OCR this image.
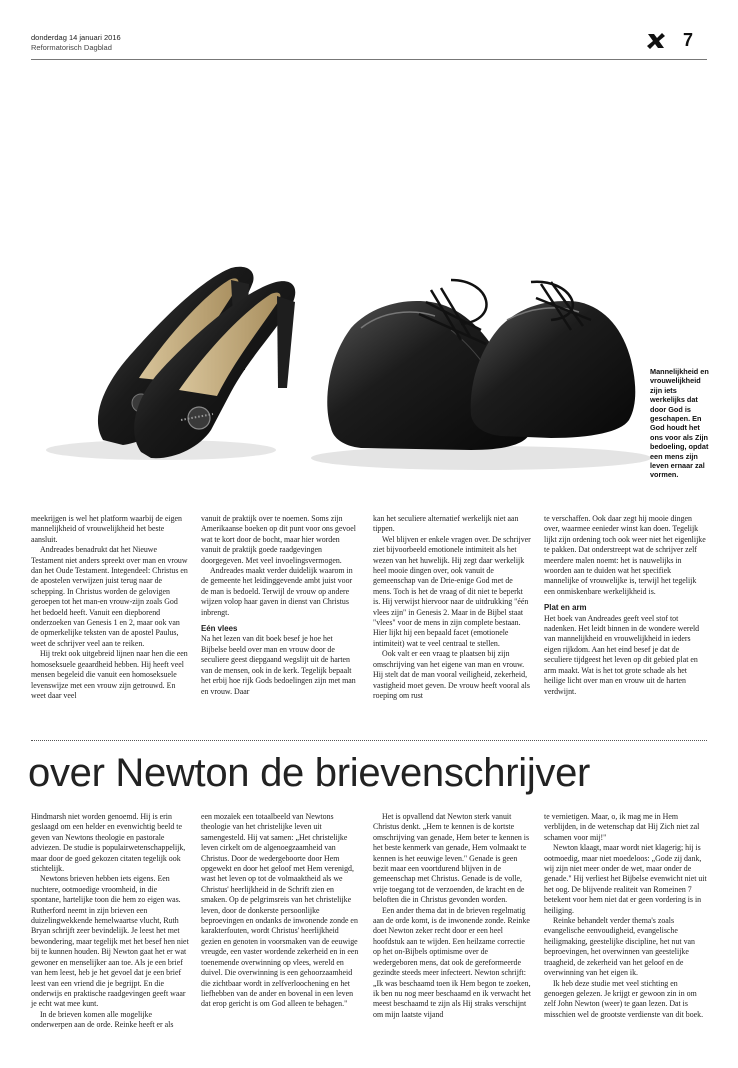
donderdag 14 januari 2016
Reformatorisch Dagblad	7
Mannelijkheid en vrouwelijkheid zijn iets werkelijks dat door God is geschapen. En God houdt het ons voor als Zijn bedoeling, opdat een mens zijn leven ernaar zal vormen.

meekrijgen is wel het platform waarbij de eigen mannelijkheid of vrouwelijkheid het beste aansluit.

Andreades benadrukt dat het Nieuwe Testament niet anders spreekt over man en vrouw dan het Oude Testament. Integendeel: Christus en de apostelen verwijzen juist terug naar de schepping. In Christus worden de gelovigen geroepen tot het man-en vrouw-zijn zoals God het bedoeld heeft. Vanuit een diepborend onderzoeken van Genesis 1 en 2, maar ook van de opmerkelijke teksten van de apostel Paulus, weet de schrijver veel aan te reiken.

Hij trekt ook uitgebreid lijnen naar hen die een homoseksuele geaardheid hebben. Hij heeft veel mensen begeleid die vanuit een homoseksuele levenswijze met een vrouw zijn getrouwd. En weet daar veel

vanuit de praktijk over te noemen. Soms zijn Amerikaanse boeken op dit punt voor ons gevoel wat te kort door de bocht, maar hier worden vanuit de praktijk goede raadgevingen doorgegeven. Met veel invoelingsvermogen.

Andreades maakt verder duidelijk waarom in de gemeente het leidinggevende ambt juist voor de man is bedoeld. Terwijl de vrouw op andere wijzen volop haar gaven in dienst van Christus inbrengt.

Eén vlees

Na het lezen van dit boek besef je hoe het Bijbelse beeld over man en vrouw door de seculiere geest diepgaand wegslijt uit de harten van de mensen, ook in de kerk. Tegelijk bepaalt het erbij hoe rijk Gods bedoelingen zijn met man en vrouw. Daar

kan het seculiere alternatief werkelijk niet aan tippen.

Wel blijven er enkele vragen over. De schrijver ziet bijvoorbeeld emotionele intimiteit als het wezen van het huwelijk. Hij zegt daar werkelijk heel mooie dingen over, ook vanuit de gemeenschap van de Drie-enige God met de mens. Toch is het de vraag of dit niet te beperkt is. Hij verwijst hiervoor naar de uitdrukking "één vlees zijn" in Genesis 2. Maar in de Bijbel staat "vlees" voor de mens in zijn complete bestaan. Hier lijkt hij een bepaald facet (emotionele intimiteit) wat te veel centraal te stellen.

Ook valt er een vraag te plaatsen bij zijn omschrijving van het eigene van man en vrouw. Hij stelt dat de man vooral veiligheid, zekerheid, vastigheid moet geven. De vrouw heeft vooral als roeping om rust

te verschaffen. Ook daar zegt hij mooie dingen over, waarmee eenieder winst kan doen. Tegelijk lijkt zijn ordening toch ook weer niet het eigenlijke te pakken. Dat onderstreept wat de schrijver zelf meerdere malen noemt: het is nauwelijks in woorden aan te duiden wat het specifiek mannelijke of vrouwelijke is, terwijl het tegelijk een onmiskenbare werkelijkheid is.

Plat en arm

Het boek van Andreades geeft veel stof tot nadenken. Het leidt binnen in de wondere wereld van mannelijkheid en vrouwelijkheid in ieders eigen rijkdom. Aan het eind besef je dat de seculiere tijdgeest het leven op dit gebied plat en arm maakt. Wat is het tot grote schade als het heilige licht over man en vrouw uit de harten verdwijnt.

over Newton de brievenschrijver

Hindmarsh niet worden genoemd. Hij is erin geslaagd om een helder en evenwichtig beeld te geven van Newtons theologie en pastorale adviezen. De studie is populairwetenschappelijk, maar door de goed gekozen citaten tegelijk ook stichtelijk.

Newtons brieven hebben iets eigens. Een nuchtere, ootmoedige vroomheid, in die spontane, hartelijke toon die hem zo eigen was. Rutherford neemt in zijn brieven een duizelingwekkende hemelwaartse vlucht, Ruth Bryan schrijft zeer bevindelijk. Je leest het met bewondering, maar tegelijk met het besef hen niet bij te kunnen houden. Bij Newton gaat het er wat gewoner en menselijker aan toe. Als je een brief van hem leest, heb je het gevoel dat je een brief leest van een vriend die je begrijpt. En die onderwijs en praktische raadgevingen geeft waar je echt wat mee kunt.

In de brieven komen alle mogelijke onderwerpen aan de orde. Reinke heeft er als

een mozaïek een totaalbeeld van Newtons theologie van het christelijke leven uit samengesteld. Hij vat samen: „Het christelijke leven cirkelt om de algenoegzaamheid van Christus. Door de wedergeboorte door Hem opgewekt en door het geloof met Hem verenigd, wast het leven op tot de volmaaktheid als we Christus' heerlijkheid in de Schrift zien en smaken. Op de pelgrimsreis van het christelijke leven, door de donkerste persoonlijke beproevingen en ondanks de inwonende zonde en karakterfouten, wordt Christus' heerlijkheid gezien en genoten in voorsmaken van de eeuwige vreugde, een vaster wordende zekerheid en in een toenemende overwinning op vlees, wereld en duivel. Die overwinning is een gehoorzaamheid die zichtbaar wordt in zelfverloochening en het liefhebben van de ander en bovenal in een leven dat erop gericht is om God alleen te behagen."

Het is opvallend dat Newton sterk vanuit Christus denkt. „Hem te kennen is de kortste omschrijving van genade, Hem beter te kennen is het beste kenmerk van genade, Hem volmaakt te kennen is het eeuwige leven." Genade is geen bezit maar een voortdurend blijven in de gemeenschap met Christus. Genade is de volle, vrije toegang tot de verzoenden, de kracht en de beloften die in Christus gevonden worden.

Een ander thema dat in de brieven regelmatig aan de orde komt, is de inwonende zonde. Reinke doet Newton zeker recht door er een heel hoofdstuk aan te wijden. Een heilzame correctie op het on-Bijbels optimisme over de wedergeboren mens, dat ook de gereformeerde gezindte steeds meer infecteert. Newton schrijft: „Ik was beschaamd toen ik Hem begon te zoeken, ik ben nu nog meer beschaamd en ik verwacht het meest beschaamd te zijn als Hij straks verschijnt om mijn laatste vijand

te vernietigen. Maar, o, ik mag me in Hem verblijden, in de wetenschap dat Hij Zich niet zal schamen voor mij!"

Newton klaagt, maar wordt niet klagerig; hij is ootmoedig, maar niet moedeloos: „Gode zij dank, wij zijn niet meer onder de wet, maar onder de genade." Hij verliest het Bijbelse evenwicht niet uit het oog. De blijvende realiteit van Romeinen 7 betekent voor hem niet dat er geen vordering is in heiliging.

Reinke behandelt verder thema's zoals evangelische eenvoudigheid, evangelische heiligmaking, geestelijke discipline, het nut van beproevingen, het overwinnen van geestelijke traagheid, de zekerheid van het geloof en de overwinning van het eigen ik.

Ik heb deze studie met veel stichting en genoegen gelezen. Je krijgt er gewoon zin in om zelf John Newton (weer) te gaan lezen. Dat is misschien wel de grootste verdienste van dit boek.
